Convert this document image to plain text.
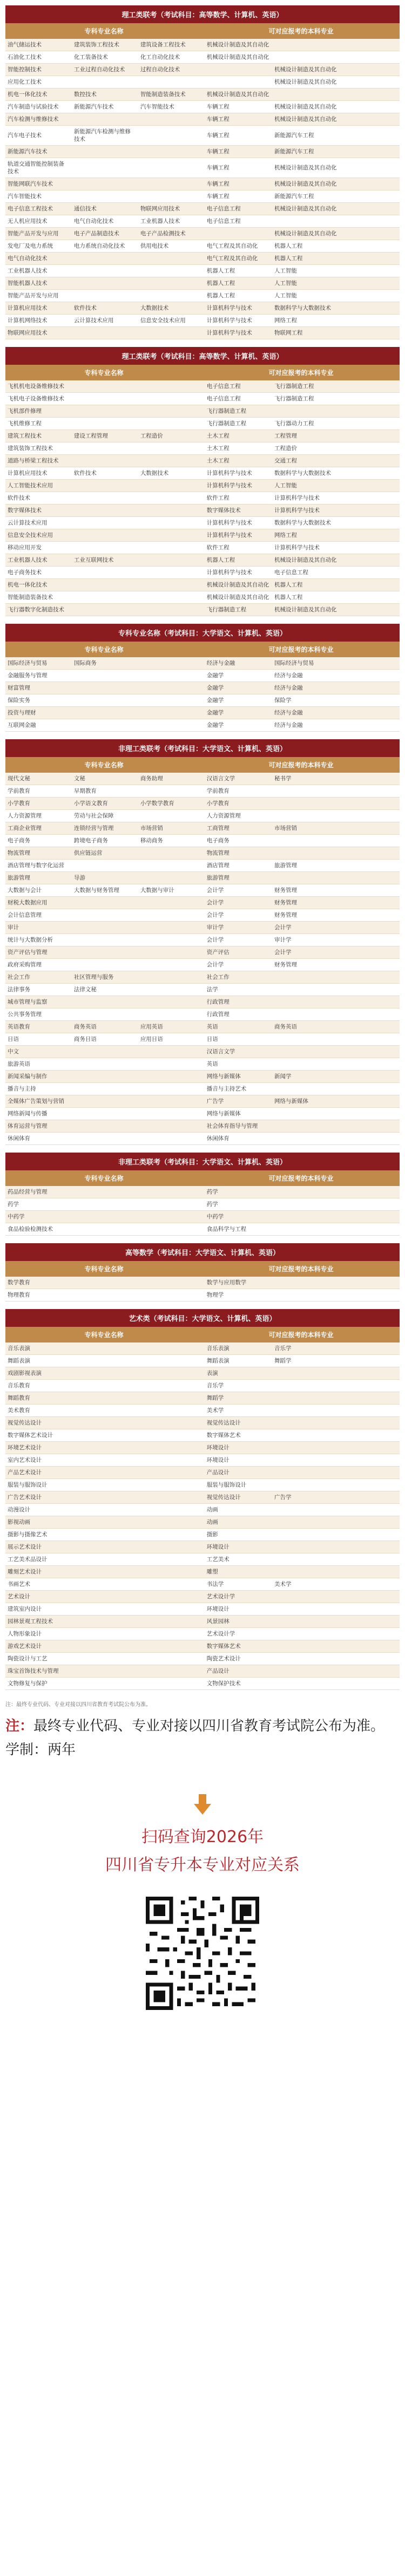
理工类联考（考试科目：高等数学、计算机、英语）
专科专业名称	可对应报考的本科专业
油气储运技术	建筑装饰工程技术	建筑设备工程技术	机械设计制造及其自动化	
石油化工技术	化工装备技术	化工自动化技术	机械设计制造及其自动化	
智能控制技术	工业过程自动化技术	过程自动化技术		机械设计制造及其自动化
应用化工技术				机械设计制造及其自动化
机电一体化技术	数控技术	智能制造装备技术	机械设计制造及其自动化	
汽车制造与试验技术	新能源汽车技术	汽车智能技术	车辆工程	机械设计制造及其自动化
汽车检测与维修技术			车辆工程	机械设计制造及其自动化
汽车电子技术	新能源汽车检测与维修技术		车辆工程	新能源汽车工程
新能源汽车技术			车辆工程	新能源汽车工程
轨道交通智能控制装备技术			车辆工程	机械设计制造及其自动化
智能网联汽车技术			车辆工程	机械设计制造及其自动化
汽车智能技术			车辆工程	新能源汽车工程
电子信息工程技术	通信技术	物联网应用技术	电子信息工程	机械设计制造及其自动化
无人机应用技术	电气自动化技术	工业机器人技术	电子信息工程	
智能产品开发与应用	电子产品制造技术	电子产品检测技术		机械设计制造及其自动化
发电厂及电力系统	电力系统自动化技术	供用电技术	电气工程及其自动化	机器人工程
电气自动化技术			电气工程及其自动化	机器人工程
工业机器人技术			机器人工程	人工智能
智能机器人技术			机器人工程	人工智能
智能产品开发与应用			机器人工程	人工智能
计算机应用技术	软件技术	大数据技术	计算机科学与技术	数据科学与大数据技术
计算机网络技术	云计算技术应用	信息安全技术应用	计算机科学与技术	网络工程
物联网应用技术			计算机科学与技术	物联网工程
理工类联考（考试科目：高等数学、计算机、英语）
专科专业名称	可对应报考的本科专业
飞机机电设备维修技术			电子信息工程	飞行器制造工程
飞机电子设备维修技术			电子信息工程	飞行器制造工程
飞机部件修理			飞行器制造工程	
飞机维修工程			飞行器制造工程	飞行器动力工程
建筑工程技术	建设工程管理	工程造价	土木工程	工程管理
建筑装饰工程技术			土木工程	工程造价
道路与桥梁工程技术			土木工程	交通工程
计算机应用技术	软件技术	大数据技术	计算机科学与技术	数据科学与大数据技术
人工智能技术应用			计算机科学与技术	人工智能
软件技术			软件工程	计算机科学与技术
数字媒体技术			数字媒体技术	计算机科学与技术
云计算技术应用			计算机科学与技术	数据科学与大数据技术
信息安全技术应用			计算机科学与技术	网络工程
移动应用开发			软件工程	计算机科学与技术
工业机器人技术	工业互联网技术		机器人工程	机械设计制造及其自动化
电子商务技术			计算机科学与技术	电子信息工程
机电一体化技术			机械设计制造及其自动化	机器人工程
智能制造装备技术			机械设计制造及其自动化	机器人工程
飞行器数字化制造技术			飞行器制造工程	机械设计制造及其自动化
专科专业名称（考试科目：大学语文、计算机、英语）
专科专业名称	可对应报考的本科专业
国际经济与贸易	国际商务		经济与金融	国际经济与贸易
金融服务与管理			金融学	经济与金融
财富管理			金融学	经济与金融
保险实务			金融学	保险学
投资与理财			金融学	经济与金融
互联网金融			金融学	经济与金融
非理工类联考（考试科目：大学语文、计算机、英语）
专科专业名称	可对应报考的本科专业
现代文秘	文秘	商务助理	汉语言文学	秘书学
学前教育	早期教育		学前教育	
小学教育	小学语文教育	小学数学教育	小学教育	
人力资源管理	劳动与社会保障		人力资源管理	
工商企业管理	连锁经营与管理	市场营销	工商管理	市场营销
电子商务	跨境电子商务	移动商务	电子商务	
物流管理	供应链运营		物流管理	
酒店管理与数字化运营			酒店管理	旅游管理
旅游管理	导游		旅游管理	
大数据与会计	大数据与财务管理	大数据与审计	会计学	财务管理
财税大数据应用			会计学	财务管理
会计信息管理			会计学	财务管理
审计			审计学	会计学
统计与大数据分析			会计学	审计学
资产评估与管理			资产评估	会计学
政府采购管理			会计学	财务管理
社会工作	社区管理与服务		社会工作	
法律事务	法律文秘		法学	
城市管理与监察			行政管理	
公共事务管理			行政管理	
英语教育	商务英语	应用英语	英语	商务英语
日语	商务日语	应用日语	日语	
中文			汉语言文学	
旅游英语			英语	
新闻采编与制作			网络与新媒体	新闻学
播音与主持			播音与主持艺术	
全媒体广告策划与营销			广告学	网络与新媒体
网络新闻与传播			网络与新媒体	
体育运营与管理			社会体育指导与管理	
休闲体育			休闲体育	
非理工类联考（考试科目：大学语文、计算机、英语）
专科专业名称	可对应报考的本科专业
药品经营与管理			药学	
药学			药学	
中药学			中药学	
食品检验检测技术			食品科学与工程	
高等数学（考试科目：大学语文、计算机、英语）
专科专业名称	可对应报考的本科专业
数学教育			数学与应用数学	
物理教育			物理学	
艺术类（考试科目：大学语文、计算机、英语）
专科专业名称	可对应报考的本科专业
音乐表演			音乐表演	音乐学
舞蹈表演			舞蹈表演	舞蹈学
戏剧影视表演			表演	
音乐教育			音乐学	
舞蹈教育			舞蹈学	
美术教育			美术学	
视觉传达设计			视觉传达设计	
数字媒体艺术设计			数字媒体艺术	
环境艺术设计			环境设计	
室内艺术设计			环境设计	
产品艺术设计			产品设计	
服装与服饰设计			服装与服饰设计	
广告艺术设计			视觉传达设计	广告学
动漫设计			动画	
影视动画			动画	
摄影与摄像艺术			摄影	
展示艺术设计			环境设计	
工艺美术品设计			工艺美术	
雕刻艺术设计			雕塑	
书画艺术			书法学	美术学
艺术设计			艺术设计学	
建筑室内设计			环境设计	
园林景观工程技术			风景园林	
人物形象设计			艺术设计学	
游戏艺术设计			数字媒体艺术	
陶瓷设计与工艺			陶瓷艺术设计	
珠宝首饰技术与管理			产品设计	
文物修复与保护			文物保护技术	
注：最终专业代码、专业对接以四川省教育考试院公布为准。
注：最终专业代码、专业对接以四川省教育考试院公布为准。
学制：两年
扫码查询2026年
四川省专升本专业对应关系
